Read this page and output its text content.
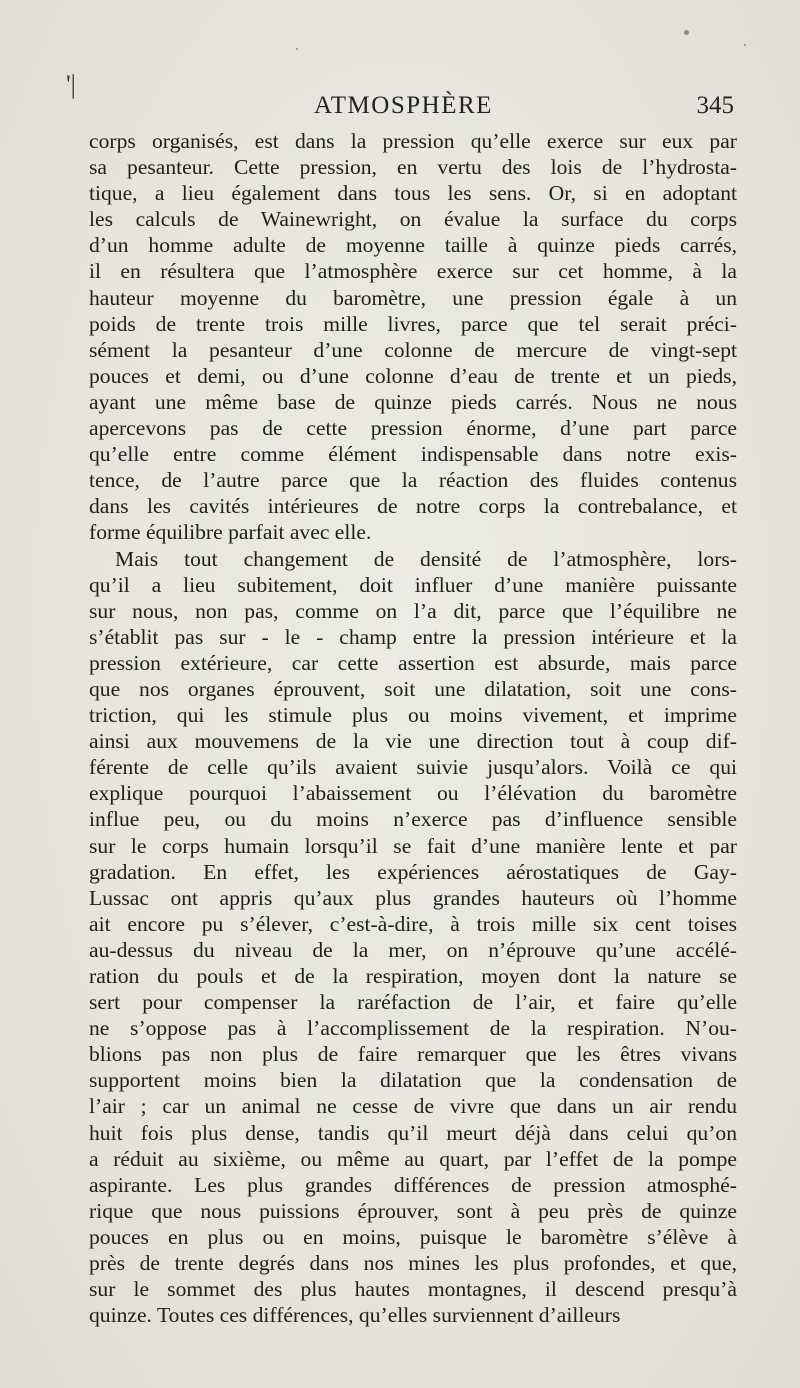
'|
ATMOSPHÈRE	345
corps organisés, est dans la pression qu’elle exerce sur eux par
sa pesanteur. Cette pression, en vertu des lois de l’hydrosta-
tique, a lieu également dans tous les sens. Or, si en adoptant
les calculs de Wainewright, on évalue la surface du corps
d’un homme adulte de moyenne taille à quinze pieds carrés,
il en résultera que l’atmosphère exerce sur cet homme, à la
hauteur moyenne du baromètre, une pression égale à un
poids de trente trois mille livres, parce que tel serait préci-
sément la pesanteur d’une colonne de mercure de vingt-sept
pouces et demi, ou d’une colonne d’eau de trente et un pieds,
ayant une même base de quinze pieds carrés. Nous ne nous
apercevons pas de cette pression énorme, d’une part parce
qu’elle entre comme élément indispensable dans notre exis-
tence, de l’autre parce que la réaction des fluides contenus
dans les cavités intérieures de notre corps la contrebalance, et
forme équilibre parfait avec elle.
Mais tout changement de densité de l’atmosphère, lors-
qu’il a lieu subitement, doit influer d’une manière puissante
sur nous, non pas, comme on l’a dit, parce que l’équilibre ne
s’établit pas sur - le - champ entre la pression intérieure et la
pression extérieure, car cette assertion est absurde, mais parce
que nos organes éprouvent, soit une dilatation, soit une cons-
triction, qui les stimule plus ou moins vivement, et imprime
ainsi aux mouvemens de la vie une direction tout à coup dif-
férente de celle qu’ils avaient suivie jusqu’alors. Voilà ce qui
explique pourquoi l’abaissement ou l’élévation du baromètre
influe peu, ou du moins n’exerce pas d’influence sensible
sur le corps humain lorsqu’il se fait d’une manière lente et par
gradation. En effet, les expériences aérostatiques de Gay-
Lussac ont appris qu’aux plus grandes hauteurs où l’homme
ait encore pu s’élever, c’est-à-dire, à trois mille six cent toises
au-dessus du niveau de la mer, on n’éprouve qu’une accélé-
ration du pouls et de la respiration, moyen dont la nature se
sert pour compenser la raréfaction de l’air, et faire qu’elle
ne s’oppose pas à l’accomplissement de la respiration. N’ou-
blions pas non plus de faire remarquer que les êtres vivans
supportent moins bien la dilatation que la condensation de
l’air ; car un animal ne cesse de vivre que dans un air rendu
huit fois plus dense, tandis qu’il meurt déjà dans celui qu’on
a réduit au sixième, ou même au quart, par l’effet de la pompe
aspirante. Les plus grandes différences de pression atmosphé-
rique que nous puissions éprouver, sont à peu près de quinze
pouces en plus ou en moins, puisque le baromètre s’élève à
près de trente degrés dans nos mines les plus profondes, et que,
sur le sommet des plus hautes montagnes, il descend presqu’à
quinze. Toutes ces différences, qu’elles surviennent d’ailleurs
